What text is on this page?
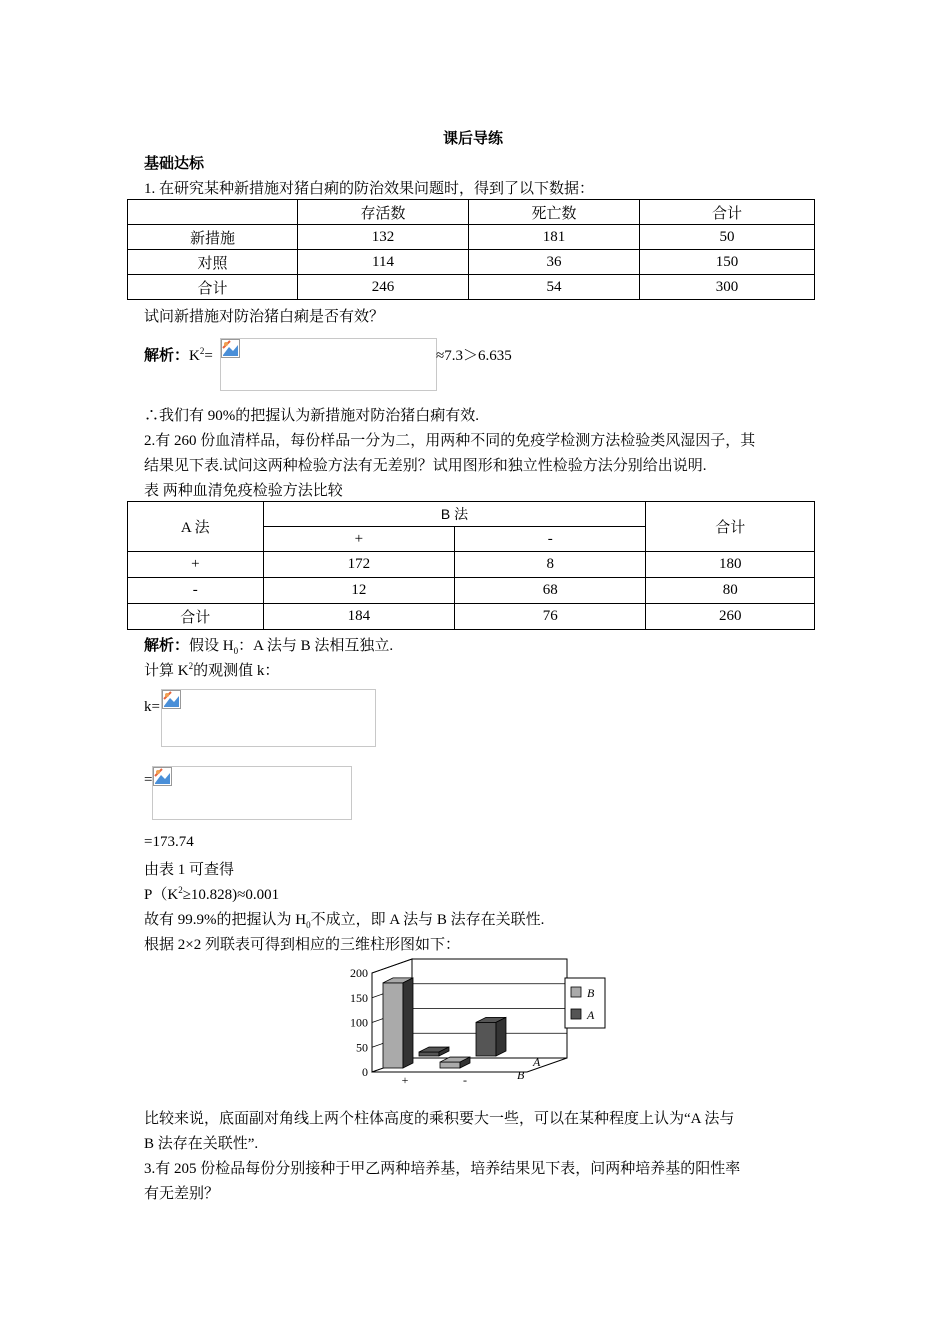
课后导练
基础达标
1. 在研究某种新措施对猪白痢的防治效果问题时，得到了以下数据：
	存活数	死亡数	合计
新措施	132	181	50
对照	114	36	150
合计	246	54	300
试问新措施对防治猪白痢是否有效？
解析：$K^2=$	≈7.3＞6.635
∴我们有 90%的把握认为新措施对防治猪白痢有效.
2.有 260 份血清样品，每份样品一分为二，用两种不同的免疫学检测方法检验类风湿因子，其
结果见下表.试问这两种检验方法有无差别？试用图形和独立性检验方法分别给出说明.
表 两种血清免疫检验方法比较
A 法	B 法		合计
	+	-	
+	172	8	180
-	12	68	80
合计	184	76	260
解析：假设 $H_0$：A 法与 B 法相互独立.
计算 $K^2$的观测值 k：
k=
=
=173.74
由表 1 可查得
$P(K^2\ge 10.828)\approx 0.001$
故有 99.9%的把握认为 $H_0$不成立，即 A 法与 B 法存在关联性.
根据 2×2 列联表可得到相应的三维柱形图如下：
0
50
100
150
200
+	-	B
A
B
A
比较来说，底面副对角线上两个柱体高度的乘积要大一些，可以在某种程度上认为“A 法与
B 法存在关联性”.
3.有 205 份检品每份分别接种于甲乙两种培养基，培养结果见下表，问两种培养基的阳性率
有无差别？
